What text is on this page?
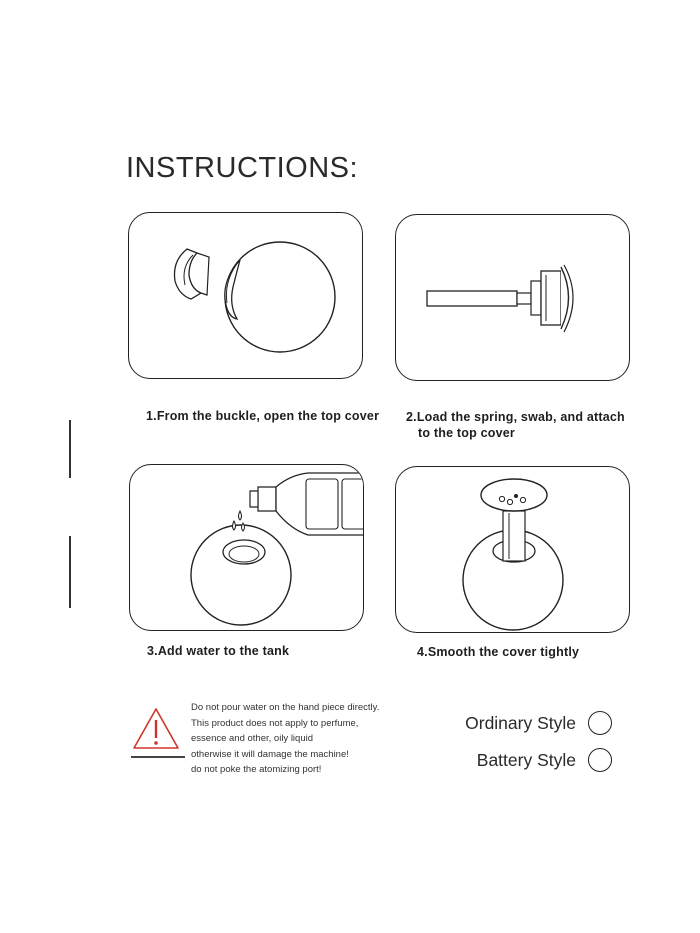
INSTRUCTIONS:
1.From the buckle, open the top cover 2.Load the spring, swab, and attach
to the top cover
3.Add water to the tank	4.Smooth the cover tightly
Do not pour water on the hand piece directly.
This product does not apply to perfume,
essence and other, oily liquid
otherwise it will damage the machine!
do not poke the atomizing port!
Ordinary Style
Battery Style
